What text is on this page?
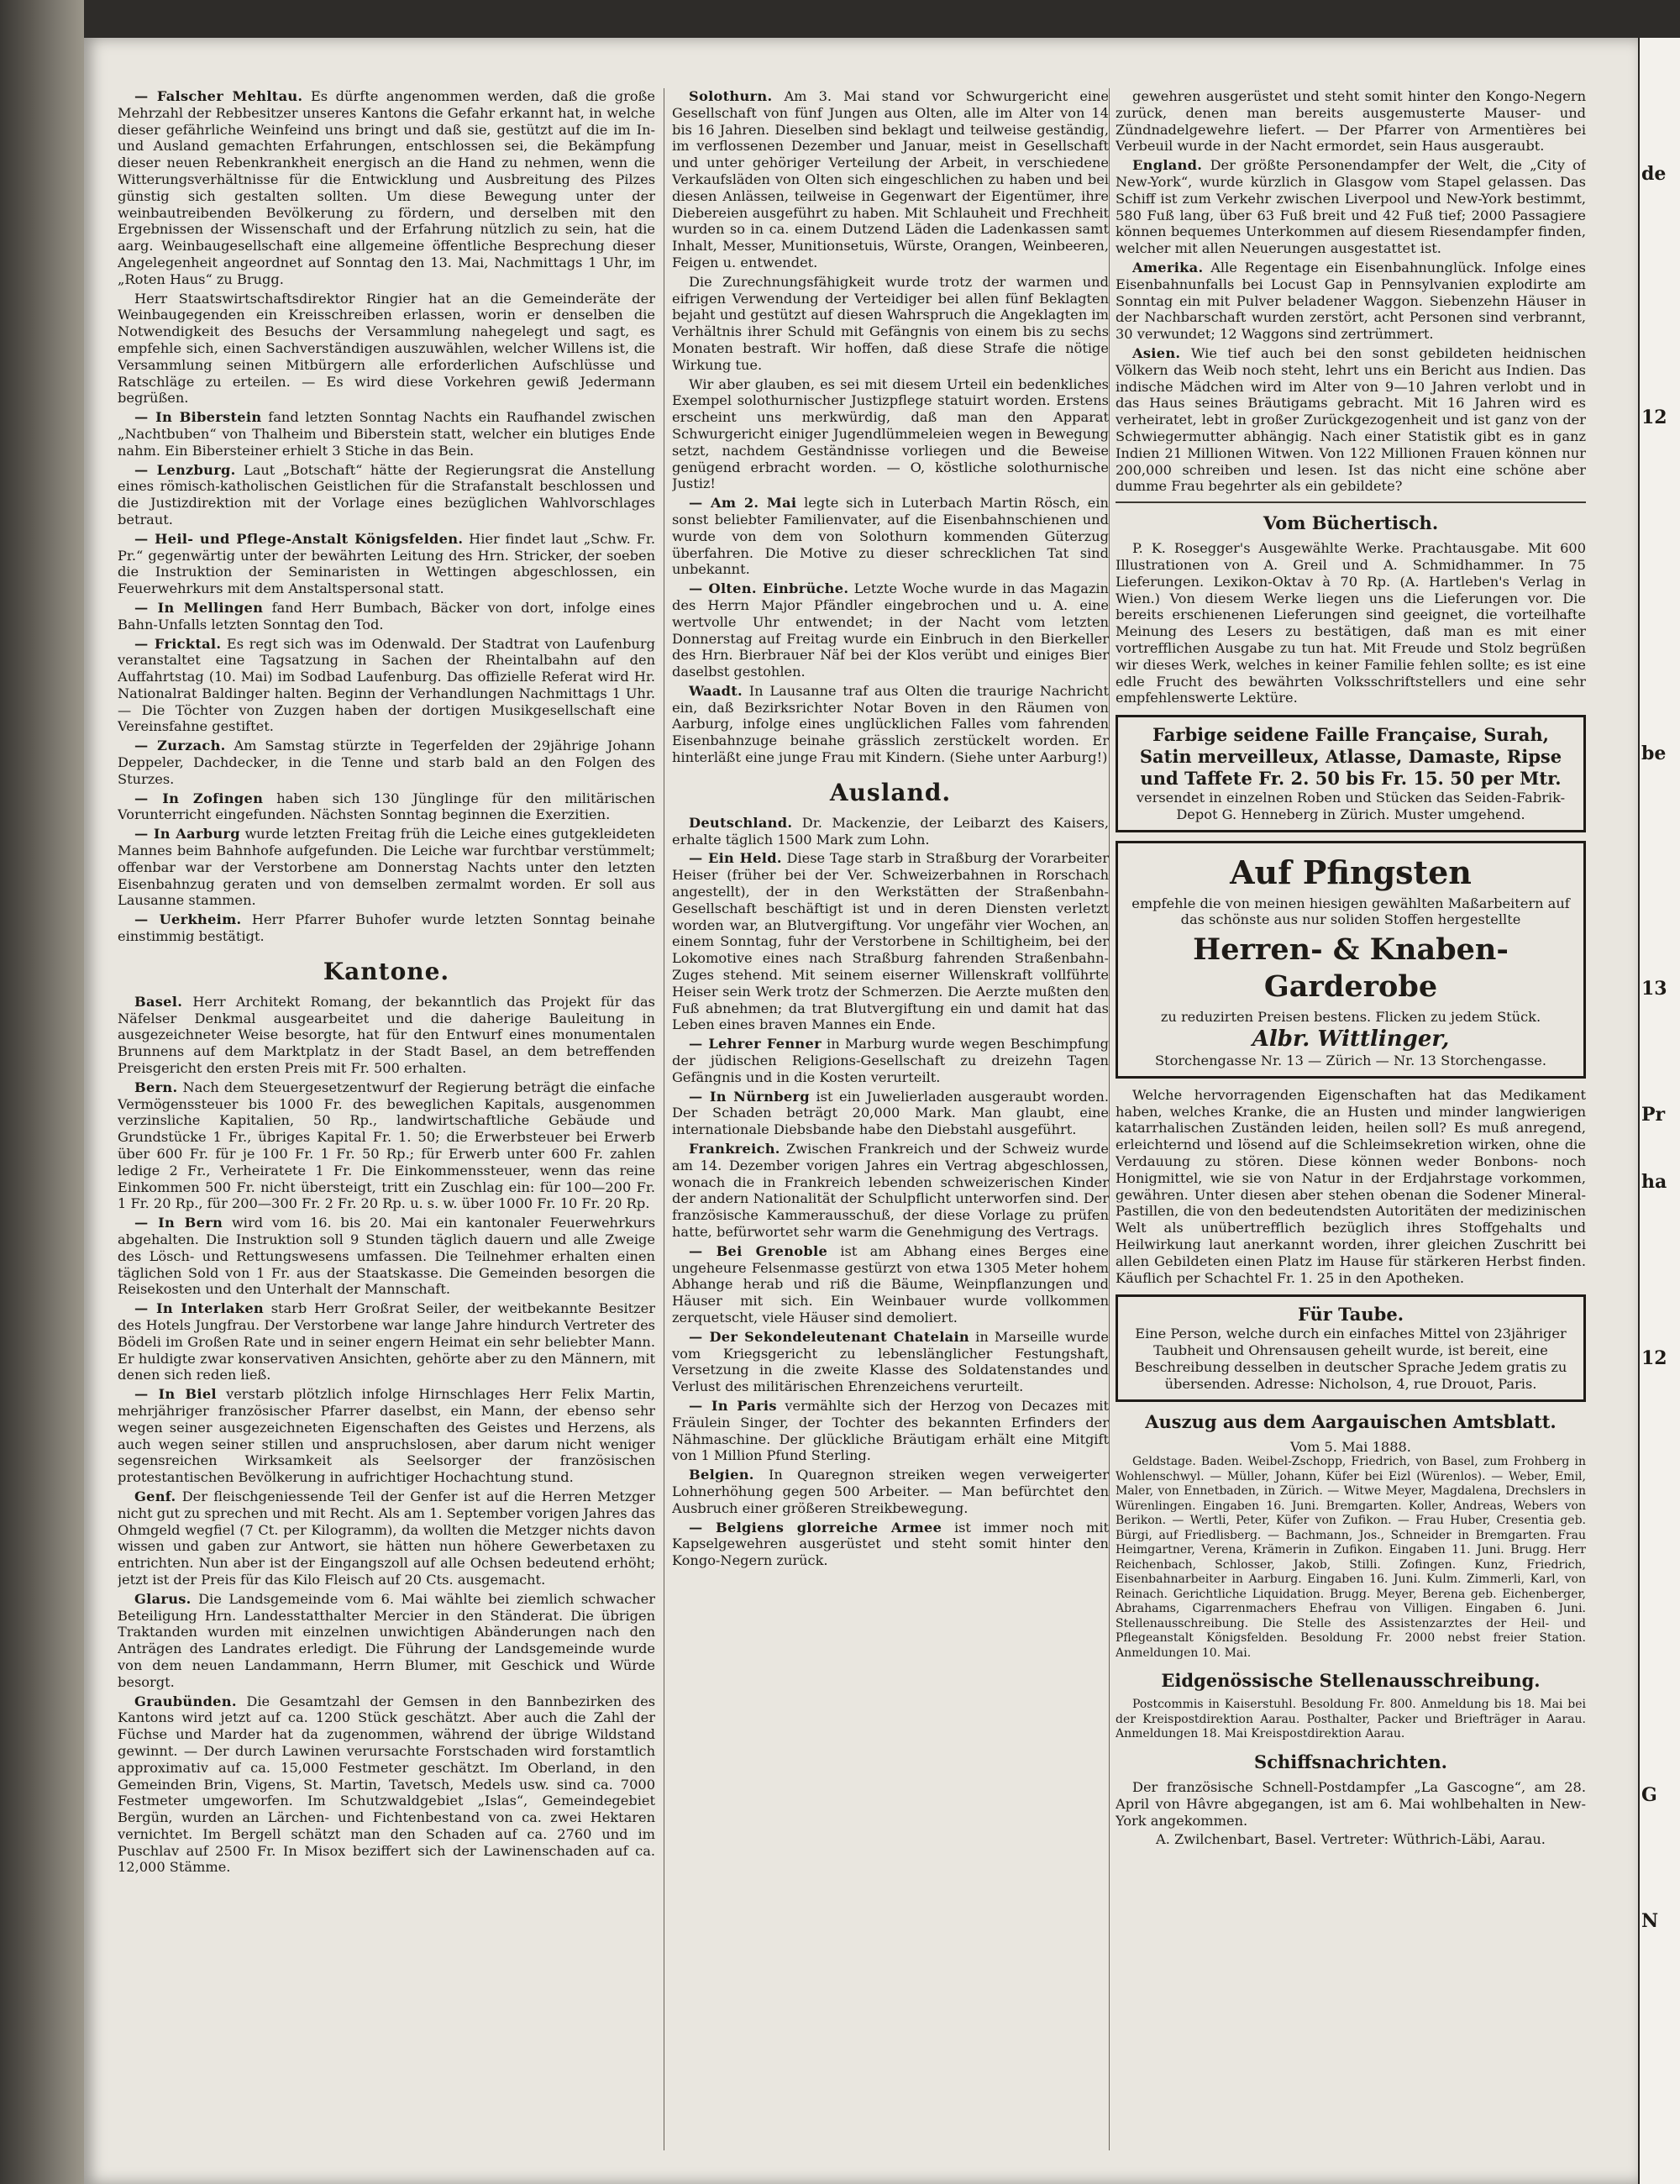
— Falscher Mehltau. Es dürfte angenommen werden, daß die große Mehrzahl der Rebbesitzer unseres Kantons die Gefahr erkannt hat, in welche dieser gefährliche Weinfeind uns bringt und daß sie, gestützt auf die im In- und Ausland gemachten Erfahrungen, entschlossen sei, die Bekämpfung dieser neuen Rebenkrankheit energisch an die Hand zu nehmen, wenn die Witterungsverhältnisse für die Entwicklung und Ausbreitung des Pilzes günstig sich gestalten sollten. Um diese Bewegung unter der weinbautreibenden Bevölkerung zu fördern, und derselben mit den Ergebnissen der Wissenschaft und der Erfahrung nützlich zu sein, hat die aarg. Weinbaugesellschaft eine allgemeine öffentliche Besprechung dieser Angelegenheit angeordnet auf Sonntag den 13. Mai, Nachmittags 1 Uhr, im „Roten Haus“ zu Brugg.

Herr Staatswirtschaftsdirektor Ringier hat an die Gemeinderäte der Weinbaugegenden ein Kreisschreiben erlassen, worin er denselben die Notwendigkeit des Besuchs der Versammlung nahegelegt und sagt, es empfehle sich, einen Sachverständigen auszuwählen, welcher Willens ist, die Versammlung seinen Mitbürgern alle erforderlichen Aufschlüsse und Ratschläge zu erteilen. — Es wird diese Vorkehren gewiß Jedermann begrüßen.

— In Biberstein fand letzten Sonntag Nachts ein Raufhandel zwischen „Nachtbuben“ von Thalheim und Biberstein statt, welcher ein blutiges Ende nahm. Ein Bibersteiner erhielt 3 Stiche in das Bein.

— Lenzburg. Laut „Botschaft“ hätte der Regierungsrat die Anstellung eines römisch-katholischen Geistlichen für die Strafanstalt beschlossen und die Justizdirektion mit der Vorlage eines bezüglichen Wahlvorschlages betraut.

— Heil- und Pflege-Anstalt Königsfelden. Hier findet laut „Schw. Fr. Pr.“ gegenwärtig unter der bewährten Leitung des Hrn. Stricker, der soeben die Instruktion der Seminaristen in Wettingen abgeschlossen, ein Feuerwehrkurs mit dem Anstaltspersonal statt.

— In Mellingen fand Herr Bumbach, Bäcker von dort, infolge eines Bahn-Unfalls letzten Sonntag den Tod.

— Fricktal. Es regt sich was im Odenwald. Der Stadtrat von Laufenburg veranstaltet eine Tagsatzung in Sachen der Rheintalbahn auf den Auffahrtstag (10. Mai) im Sodbad Laufenburg. Das offizielle Referat wird Hr. Nationalrat Baldinger halten. Beginn der Verhandlungen Nachmittags 1 Uhr. — Die Töchter von Zuzgen haben der dortigen Musikgesellschaft eine Vereinsfahne gestiftet.

— Zurzach. Am Samstag stürzte in Tegerfelden der 29jährige Johann Deppeler, Dachdecker, in die Tenne und starb bald an den Folgen des Sturzes.

— In Zofingen haben sich 130 Jünglinge für den militärischen Vorunterricht eingefunden. Nächsten Sonntag beginnen die Exerzitien.

— In Aarburg wurde letzten Freitag früh die Leiche eines gutgekleideten Mannes beim Bahnhofe aufgefunden. Die Leiche war furchtbar verstümmelt; offenbar war der Verstorbene am Donnerstag Nachts unter den letzten Eisenbahnzug geraten und von demselben zermalmt worden. Er soll aus Lausanne stammen.

— Uerkheim. Herr Pfarrer Buhofer wurde letzten Sonntag beinahe einstimmig bestätigt.

Kantone.

Basel. Herr Architekt Romang, der bekanntlich das Projekt für das Näfelser Denkmal ausgearbeitet und die daherige Bauleitung in ausgezeichneter Weise besorgte, hat für den Entwurf eines monumentalen Brunnens auf dem Marktplatz in der Stadt Basel, an dem betreffenden Preisgericht den ersten Preis mit Fr. 500 erhalten.

Bern. Nach dem Steuergesetzentwurf der Regierung beträgt die einfache Vermögenssteuer bis 1000 Fr. des beweglichen Kapitals, ausgenommen verzinsliche Kapitalien, 50 Rp., landwirtschaftliche Gebäude und Grundstücke 1 Fr., übriges Kapital Fr. 1. 50; die Erwerbsteuer bei Erwerb über 600 Fr. für je 100 Fr. 1 Fr. 50 Rp.; für Erwerb unter 600 Fr. zahlen ledige 2 Fr., Verheiratete 1 Fr. Die Einkommenssteuer, wenn das reine Einkommen 500 Fr. nicht übersteigt, tritt ein Zuschlag ein: für 100—200 Fr. 1 Fr. 20 Rp., für 200—300 Fr. 2 Fr. 20 Rp. u. s. w. über 1000 Fr. 10 Fr. 20 Rp.

— In Bern wird vom 16. bis 20. Mai ein kantonaler Feuerwehrkurs abgehalten. Die Instruktion soll 9 Stunden täglich dauern und alle Zweige des Lösch- und Rettungswesens umfassen. Die Teilnehmer erhalten einen täglichen Sold von 1 Fr. aus der Staatskasse. Die Gemeinden besorgen die Reisekosten und den Unterhalt der Mannschaft.

— In Interlaken starb Herr Großrat Seiler, der weitbekannte Besitzer des Hotels Jungfrau. Der Verstorbene war lange Jahre hindurch Vertreter des Bödeli im Großen Rate und in seiner engern Heimat ein sehr beliebter Mann. Er huldigte zwar konservativen Ansichten, gehörte aber zu den Männern, mit denen sich reden ließ.

— In Biel verstarb plötzlich infolge Hirnschlages Herr Felix Martin, mehrjähriger französischer Pfarrer daselbst, ein Mann, der ebenso sehr wegen seiner ausgezeichneten Eigenschaften des Geistes und Herzens, als auch wegen seiner stillen und anspruchslosen, aber darum nicht weniger segensreichen Wirksamkeit als Seelsorger der französischen protestantischen Bevölkerung in aufrichtiger Hochachtung stund.

Genf. Der fleischgeniessende Teil der Genfer ist auf die Herren Metzger nicht gut zu sprechen und mit Recht. Als am 1. September vorigen Jahres das Ohmgeld wegfiel (7 Ct. per Kilogramm), da wollten die Metzger nichts davon wissen und gaben zur Antwort, sie hätten nun höhere Gewerbetaxen zu entrichten. Nun aber ist der Eingangszoll auf alle Ochsen bedeutend erhöht; jetzt ist der Preis für das Kilo Fleisch auf 20 Cts. ausgemacht.

Glarus. Die Landsgemeinde vom 6. Mai wählte bei ziemlich schwacher Beteiligung Hrn. Landesstatthalter Mercier in den Ständerat. Die übrigen Traktanden wurden mit einzelnen unwichtigen Abänderungen nach den Anträgen des Landrates erledigt. Die Führung der Landsgemeinde wurde von dem neuen Landammann, Herrn Blumer, mit Geschick und Würde besorgt.

Graubünden. Die Gesamtzahl der Gemsen in den Bannbezirken des Kantons wird jetzt auf ca. 1200 Stück geschätzt. Aber auch die Zahl der Füchse und Marder hat da zugenommen, während der übrige Wildstand gewinnt. — Der durch Lawinen verursachte Forstschaden wird forstamtlich approximativ auf ca. 15,000 Festmeter geschätzt. Im Oberland, in den Gemeinden Brin, Vigens, St. Martin, Tavetsch, Medels usw. sind ca. 7000 Festmeter umgeworfen. Im Schutzwaldgebiet „Islas“, Gemeindegebiet Bergün, wurden an Lärchen- und Fichtenbestand von ca. zwei Hektaren vernichtet. Im Bergell schätzt man den Schaden auf ca. 2760 und im Puschlav auf 2500 Fr. In Misox beziffert sich der Lawinenschaden auf ca. 12,000 Stämme.

Solothurn. Am 3. Mai stand vor Schwurgericht eine Gesellschaft von fünf Jungen aus Olten, alle im Alter von 14 bis 16 Jahren. Dieselben sind beklagt und teilweise geständig, im verflossenen Dezember und Januar, meist in Gesellschaft und unter gehöriger Verteilung der Arbeit, in verschiedene Verkaufsläden von Olten sich eingeschlichen zu haben und bei diesen Anlässen, teilweise in Gegenwart der Eigentümer, ihre Diebereien ausgeführt zu haben. Mit Schlauheit und Frechheit wurden so in ca. einem Dutzend Läden die Ladenkassen samt Inhalt, Messer, Munitionsetuis, Würste, Orangen, Weinbeeren, Feigen u. entwendet.

Die Zurechnungsfähigkeit wurde trotz der warmen und eifrigen Verwendung der Verteidiger bei allen fünf Beklagten bejaht und gestützt auf diesen Wahrspruch die Angeklagten im Verhältnis ihrer Schuld mit Gefängnis von einem bis zu sechs Monaten bestraft. Wir hoffen, daß diese Strafe die nötige Wirkung tue.

Wir aber glauben, es sei mit diesem Urteil ein bedenkliches Exempel solothurnischer Justizpflege statuirt worden. Erstens erscheint uns merkwürdig, daß man den Apparat Schwurgericht einiger Jugendlümmeleien wegen in Bewegung setzt, nachdem Geständnisse vorliegen und die Beweise genügend erbracht worden. — O, köstliche solothurnische Justiz!

— Am 2. Mai legte sich in Luterbach Martin Rösch, ein sonst beliebter Familienvater, auf die Eisenbahnschienen und wurde von dem von Solothurn kommenden Güterzug überfahren. Die Motive zu dieser schrecklichen Tat sind unbekannt.

— Olten. Einbrüche. Letzte Woche wurde in das Magazin des Herrn Major Pfändler eingebrochen und u. A. eine wertvolle Uhr entwendet; in der Nacht vom letzten Donnerstag auf Freitag wurde ein Einbruch in den Bierkeller des Hrn. Bierbrauer Näf bei der Klos verübt und einiges Bier daselbst gestohlen.

Waadt. In Lausanne traf aus Olten die traurige Nachricht ein, daß Bezirksrichter Notar Boven in den Räumen von Aarburg, infolge eines unglücklichen Falles vom fahrenden Eisenbahnzuge beinahe grässlich zerstückelt worden. Er hinterläßt eine junge Frau mit Kindern. (Siehe unter Aarburg!)

Ausland.

Deutschland. Dr. Mackenzie, der Leibarzt des Kaisers, erhalte täglich 1500 Mark zum Lohn.

— Ein Held. Diese Tage starb in Straßburg der Vorarbeiter Heiser (früher bei der Ver. Schweizerbahnen in Rorschach angestellt), der in den Werkstätten der Straßenbahn-Gesellschaft beschäftigt ist und in deren Diensten verletzt worden war, an Blutvergiftung. Vor ungefähr vier Wochen, an einem Sonntag, fuhr der Verstorbene in Schiltigheim, bei der Lokomotive eines nach Straßburg fahrenden Straßenbahn-Zuges stehend. Mit seinem eiserner Willenskraft vollführte Heiser sein Werk trotz der Schmerzen. Die Aerzte mußten den Fuß abnehmen; da trat Blutvergiftung ein und damit hat das Leben eines braven Mannes ein Ende.

— Lehrer Fenner in Marburg wurde wegen Beschimpfung der jüdischen Religions-Gesellschaft zu dreizehn Tagen Gefängnis und in die Kosten verurteilt.

— In Nürnberg ist ein Juwelierladen ausgeraubt worden. Der Schaden beträgt 20,000 Mark. Man glaubt, eine internationale Diebsbande habe den Diebstahl ausgeführt.

Frankreich. Zwischen Frankreich und der Schweiz wurde am 14. Dezember vorigen Jahres ein Vertrag abgeschlossen, wonach die in Frankreich lebenden schweizerischen Kinder der andern Nationalität der Schulpflicht unterworfen sind. Der französische Kammerausschuß, der diese Vorlage zu prüfen hatte, befürwortet sehr warm die Genehmigung des Vertrags.

— Bei Grenoble ist am Abhang eines Berges eine ungeheure Felsenmasse gestürzt von etwa 1305 Meter hohem Abhange herab und riß die Bäume, Weinpflanzungen und Häuser mit sich. Ein Weinbauer wurde vollkommen zerquetscht, viele Häuser sind demoliert.

— Der Sekondeleutenant Chatelain in Marseille wurde vom Kriegsgericht zu lebenslänglicher Festungshaft, Versetzung in die zweite Klasse des Soldatenstandes und Verlust des militärischen Ehrenzeichens verurteilt.

— In Paris vermählte sich der Herzog von Decazes mit Fräulein Singer, der Tochter des bekannten Erfinders der Nähmaschine. Der glückliche Bräutigam erhält eine Mitgift von 1 Million Pfund Sterling.

Belgien. In Quaregnon streiken wegen verweigerter Lohnerhöhung gegen 500 Arbeiter. — Man befürchtet den Ausbruch einer größeren Streikbewegung.

— Belgiens glorreiche Armee ist immer noch mit Kapselgewehren ausgerüstet und steht somit hinter den Kongo-Negern zurück.

gewehren ausgerüstet und steht somit hinter den Kongo-Negern zurück, denen man bereits ausgemusterte Mauser- und Zündnadelgewehre liefert. — Der Pfarrer von Armentières bei Verbeuil wurde in der Nacht ermordet, sein Haus ausgeraubt.

England. Der größte Personendampfer der Welt, die „City of New-York“, wurde kürzlich in Glasgow vom Stapel gelassen. Das Schiff ist zum Verkehr zwischen Liverpool und New-York bestimmt, 580 Fuß lang, über 63 Fuß breit und 42 Fuß tief; 2000 Passagiere können bequemes Unterkommen auf diesem Riesendampfer finden, welcher mit allen Neuerungen ausgestattet ist.

Amerika. Alle Regentage ein Eisenbahnunglück. Infolge eines Eisenbahnunfalls bei Locust Gap in Pennsylvanien explodirte am Sonntag ein mit Pulver beladener Waggon. Siebenzehn Häuser in der Nachbarschaft wurden zerstört, acht Personen sind verbrannt, 30 verwundet; 12 Waggons sind zertrümmert.

Asien. Wie tief auch bei den sonst gebildeten heidnischen Völkern das Weib noch steht, lehrt uns ein Bericht aus Indien. Das indische Mädchen wird im Alter von 9—10 Jahren verlobt und in das Haus seines Bräutigams gebracht. Mit 16 Jahren wird es verheiratet, lebt in großer Zurückgezogenheit und ist ganz von der Schwiegermutter abhängig. Nach einer Statistik gibt es in ganz Indien 21 Millionen Witwen. Von 122 Millionen Frauen können nur 200,000 schreiben und lesen. Ist das nicht eine schöne aber dumme Frau begehrter als ein gebildete?

Vom Büchertisch.

P. K. Rosegger's Ausgewählte Werke. Prachtausgabe. Mit 600 Illustrationen von A. Greil und A. Schmidhammer. In 75 Lieferungen. Lexikon-Oktav à 70 Rp. (A. Hartleben's Verlag in Wien.) Von diesem Werke liegen uns die Lieferungen vor. Die bereits erschienenen Lieferungen sind geeignet, die vorteilhafte Meinung des Lesers zu bestätigen, daß man es mit einer vortrefflichen Ausgabe zu tun hat. Mit Freude und Stolz begrüßen wir dieses Werk, welches in keiner Familie fehlen sollte; es ist eine edle Frucht des bewährten Volksschriftstellers und eine sehr empfehlenswerte Lektüre.

Farbige seidene Faille Française, Surah,
Satin merveilleux, Atlasse, Damaste, Ripse
und Taffete Fr. 2. 50 bis Fr. 15. 50 per Mtr.
versendet in einzelnen Roben und Stücken das Seiden-Fabrik-Depot G. Henneberg in Zürich. Muster umgehend.
Auf Pfingsten
empfehle die von meinen hiesigen gewählten Maßarbeitern auf das schönste aus nur soliden Stoffen hergestellte
Herren- & Knaben-Garderobe
zu reduzirten Preisen bestens. Flicken zu jedem Stück.
Albr. Wittlinger,
Storchengasse Nr. 13 — Zürich — Nr. 13 Storchengasse.

Welche hervorragenden Eigenschaften hat das Medikament haben, welches Kranke, die an Husten und minder langwierigen katarrhalischen Zuständen leiden, heilen soll? Es muß anregend, erleichternd und lösend auf die Schleimsekretion wirken, ohne die Verdauung zu stören. Diese können weder Bonbons- noch Honigmittel, wie sie von Natur in der Erdjahrstage vorkommen, gewähren. Unter diesen aber stehen obenan die Sodener Mineral-Pastillen, die von den bedeutendsten Autoritäten der medizinischen Welt als unübertrefflich bezüglich ihres Stoffgehalts und Heilwirkung laut anerkannt worden, ihrer gleichen Zuschritt bei allen Gebildeten einen Platz im Hause für stärkeren Herbst finden. Käuflich per Schachtel Fr. 1. 25 in den Apotheken.

Für Taube.
Eine Person, welche durch ein einfaches Mittel von 23jähriger Taubheit und Ohrensausen geheilt wurde, ist bereit, eine Beschreibung desselben in deutscher Sprache Jedem gratis zu übersenden. Adresse: Nicholson, 4, rue Drouot, Paris.
Auszug aus dem Aargauischen Amtsblatt.
Vom 5. Mai 1888.

Geldstage. Baden. Weibel-Zschopp, Friedrich, von Basel, zum Frohberg in Wohlenschwyl. — Müller, Johann, Küfer bei Eizl (Würenlos). — Weber, Emil, Maler, von Ennetbaden, in Zürich. — Witwe Meyer, Magdalena, Drechslers in Würenlingen. Eingaben 16. Juni. Bremgarten. Koller, Andreas, Webers von Berikon. — Wertli, Peter, Küfer von Zufikon. — Frau Huber, Cresentia geb. Bürgi, auf Friedlisberg. — Bachmann, Jos., Schneider in Bremgarten. Frau Heimgartner, Verena, Krämerin in Zufikon. Eingaben 11. Juni. Brugg. Herr Reichenbach, Schlosser, Jakob, Stilli. Zofingen. Kunz, Friedrich, Eisenbahnarbeiter in Aarburg. Eingaben 16. Juni. Kulm. Zimmerli, Karl, von Reinach. Gerichtliche Liquidation. Brugg. Meyer, Berena geb. Eichenberger, Abrahams, Cigarrenmachers Ehefrau von Villigen. Eingaben 6. Juni. Stellenausschreibung. Die Stelle des Assistenzarztes der Heil- und Pflegeanstalt Königsfelden. Besoldung Fr. 2000 nebst freier Station. Anmeldungen 10. Mai.

Eidgenössische Stellenausschreibung.

Postcommis in Kaiserstuhl. Besoldung Fr. 800. Anmeldung bis 18. Mai bei der Kreispostdirektion Aarau. Posthalter, Packer und Briefträger in Aarau. Anmeldungen 18. Mai Kreispostdirektion Aarau.

Schiffsnachrichten.

Der französische Schnell-Postdampfer „La Gascogne“, am 28. April von Hâvre abgegangen, ist am 6. Mai wohlbehalten in New-York angekommen.

A. Zwilchenbart, Basel. Vertreter: Wüthrich-Läbi, Aarau.
de
be
13
12
Pr
ha
12
G
N
